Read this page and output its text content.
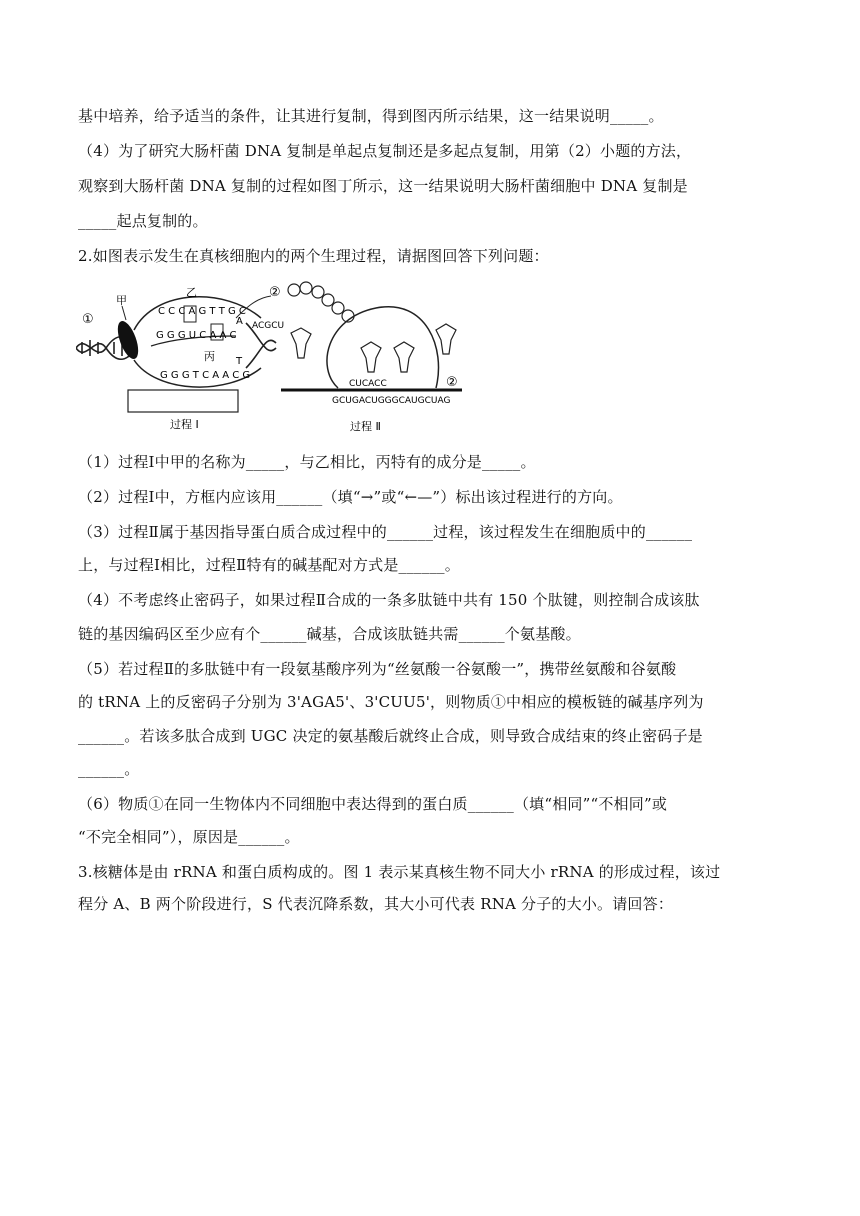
基中培养，给予适当的条件，让其进行复制，得到图丙所示结果，这一结果说明_____。
（4）为了研究大肠杆菌 DNA 复制是单起点复制还是多起点复制，用第（2）小题的方法，
观察到大肠杆菌 DNA 复制的过程如图丁所示，这一结果说明大肠杆菌细胞中 DNA 复制是
_____起点复制的。
2.如图表示发生在真核细胞内的两个生理过程，请据图回答下列问题：
①
甲
C C C A G T T G C
G G G U C A A C
G G G T C A A C G
乙
丙
A
T
ACGCU
②
过程 Ⅰ
CUCACC
GCUGACUGGGCAUGCUAG
②
过程 Ⅱ
（1）过程Ⅰ中甲的名称为_____，与乙相比，丙特有的成分是_____。
（2）过程Ⅰ中，方框内应该用______（填“→”或“←—”）标出该过程进行的方向。
（3）过程Ⅱ属于基因指导蛋白质合成过程中的______过程，该过程发生在细胞质中的______
上，与过程Ⅰ相比，过程Ⅱ特有的碱基配对方式是______。
（4）不考虑终止密码子，如果过程Ⅱ合成的一条多肽链中共有 150 个肽键，则控制合成该肽
链的基因编码区至少应有个______碱基，合成该肽链共需______个氨基酸。
（5）若过程Ⅱ的多肽链中有一段氨基酸序列为“丝氨酸一谷氨酸一”，携带丝氨酸和谷氨酸
的 tRNA 上的反密码子分别为 3'AGA5'、3'CUU5'，则物质①中相应的模板链的碱基序列为
______。若该多肽合成到 UGC 决定的氨基酸后就终止合成，则导致合成结束的终止密码子是
______。
（6）物质①在同一生物体内不同细胞中表达得到的蛋白质______（填“相同”“不相同”或
“不完全相同”），原因是______。
3.核糖体是由 rRNA 和蛋白质构成的。图 1 表示某真核生物不同大小 rRNA 的形成过程，该过
程分 A、B 两个阶段进行，S 代表沉降系数，其大小可代表 RNA 分子的大小。请回答：
